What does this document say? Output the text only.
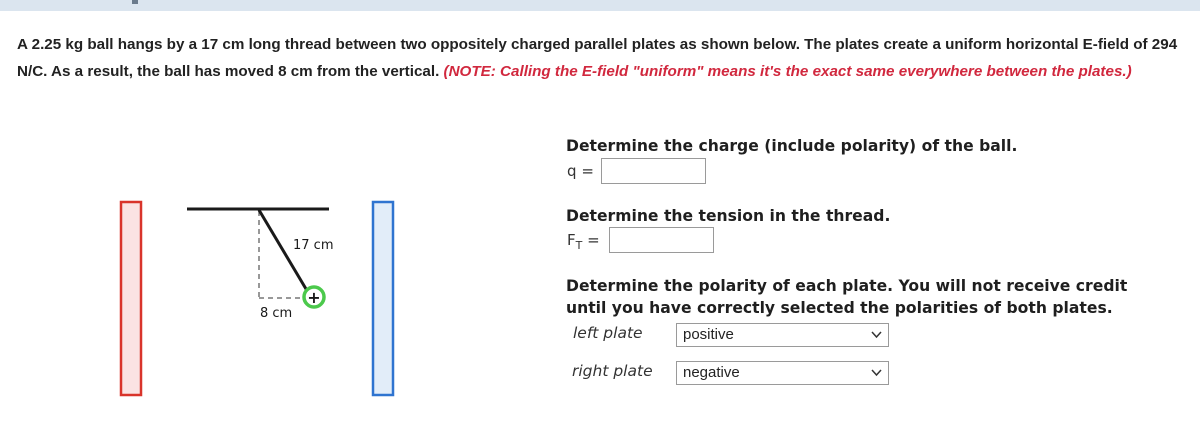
A 2.25 kg ball hangs by a 17 cm long thread between two oppositely charged parallel plates as shown below. The plates create a uniform horizontal E-field of 294 N/C. As a result, the ball has moved 8 cm from the vertical. (NOTE: Calling the E-field "uniform" means it's the exact same everywhere between the plates.)
+
17 cm
8 cm
Determine the charge (include polarity) of the ball.
q =
Determine the tension in the thread.
$F_T$ =
Determine the polarity of each plate. You will not receive credit
until you have correctly selected the polarities of both plates.
left plate	positive
right plate	negative
